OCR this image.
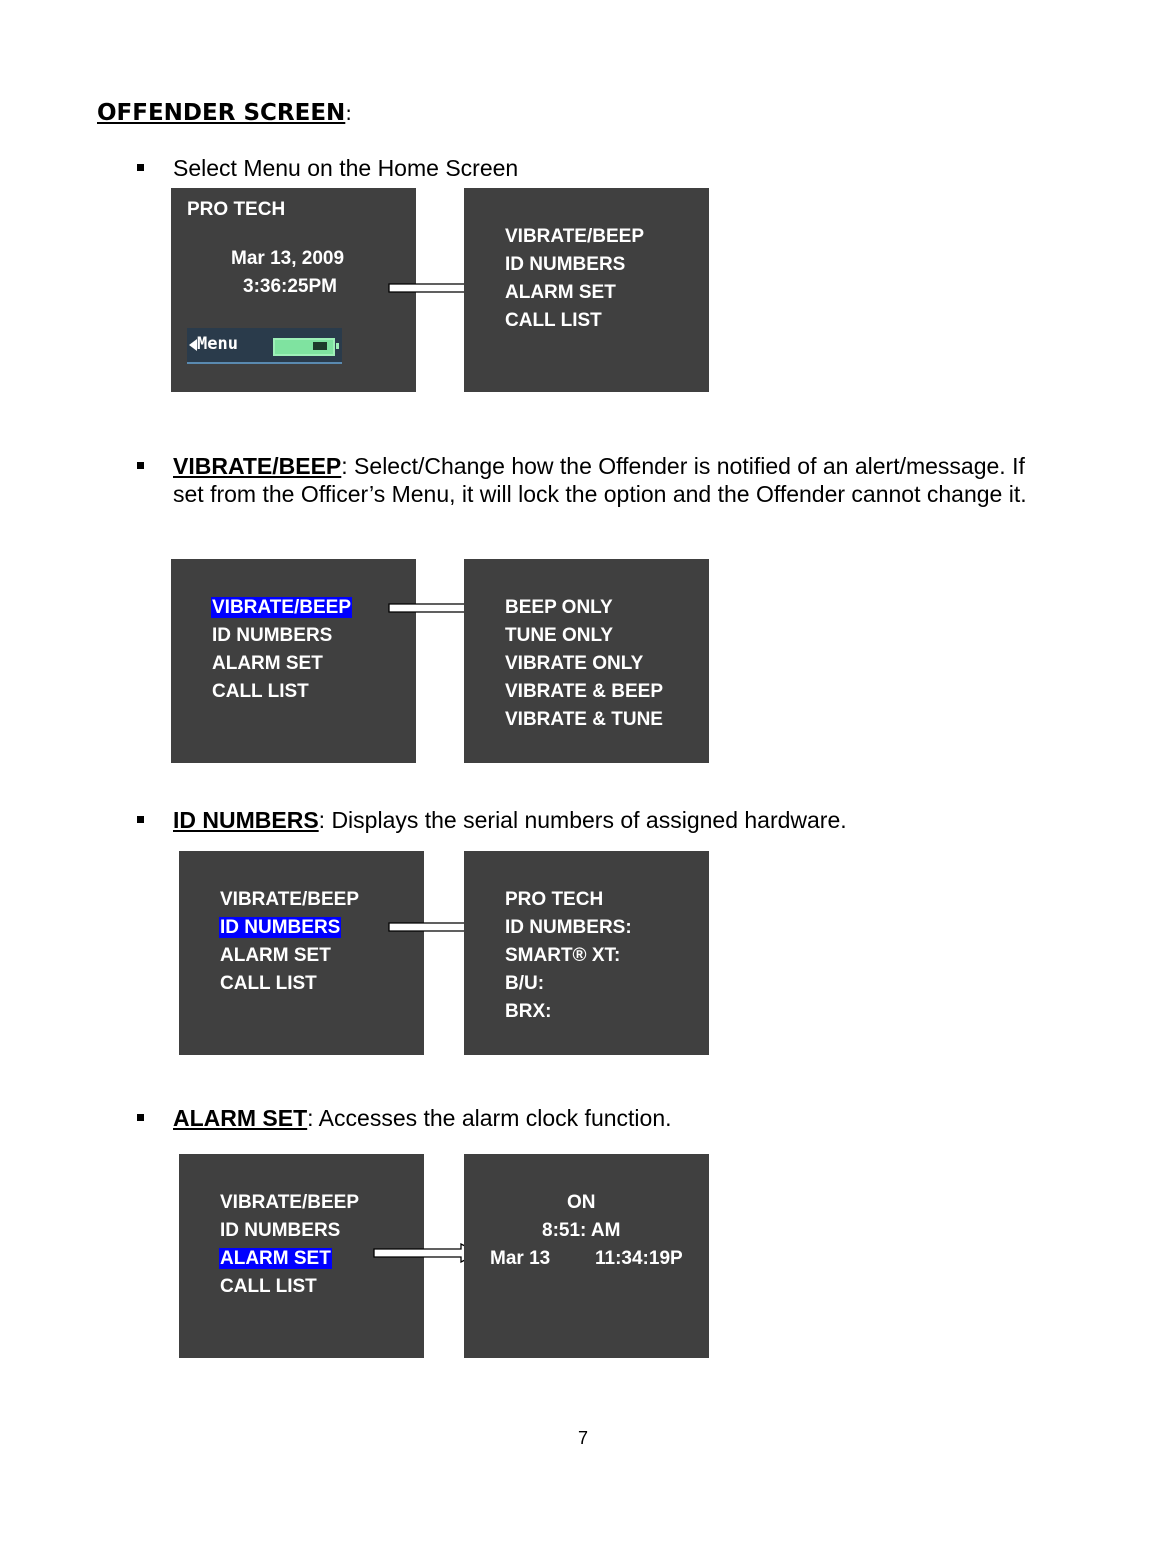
OFFENDER SCREEN:
Select Menu on the Home Screen
PRO TECH
Mar 13, 2009
3:36:25PM
Menu
VIBRATE/BEEP
ID NUMBERS
ALARM SET
CALL LIST
VIBRATE/BEEP: Select/Change how the Offender is notified of an alert/message. If set from the Officer’s Menu, it will lock the option and the Offender cannot change it.
VIBRATE/BEEP
ID NUMBERS
ALARM SET
CALL LIST
BEEP ONLY
TUNE ONLY
VIBRATE ONLY
VIBRATE & BEEP
VIBRATE & TUNE
ID NUMBERS: Displays the serial numbers of assigned hardware.
VIBRATE/BEEP
ID NUMBERS
ALARM SET
CALL LIST
PRO TECH
ID NUMBERS:
SMART® XT:
B/U:
BRX:
ALARM SET: Accesses the alarm clock function.
VIBRATE/BEEP
ID NUMBERS
ALARM SET
CALL LIST
ON
8:51: AM
Mar 13 11:34:19P
7
